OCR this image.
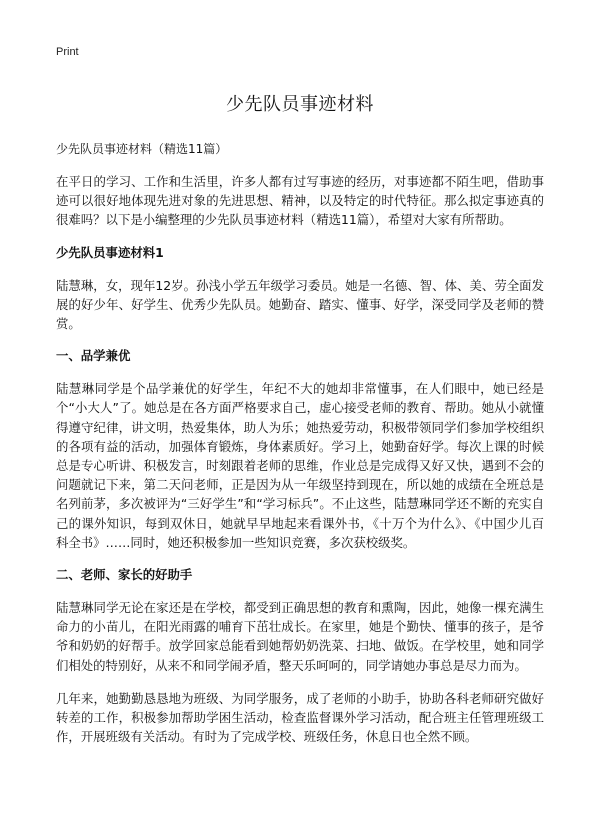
Print
少先队员事迹材料
少先队员事迹材料（精选11篇）

在平日的学习、工作和生活里，许多人都有过写事迹的经历，对事迹都不陌生吧，借助事迹可以很好地体现先进对象的先进思想、精神，以及特定的时代特征。那么拟定事迹真的很难吗？以下是小编整理的少先队员事迹材料（精选11篇），希望对大家有所帮助。

少先队员事迹材料1

陆慧琳，女，现年12岁。孙浅小学五年级学习委员。她是一名德、智、体、美、劳全面发展的好少年、好学生、优秀少先队员。她勤奋、踏实、懂事、好学，深受同学及老师的赞赏。

一、品学兼优

陆慧琳同学是个品学兼优的好学生，年纪不大的她却非常懂事，在人们眼中，她已经是个“小大人”了。她总是在各方面严格要求自己，虚心接受老师的教育、帮助。她从小就懂得遵守纪律，讲文明，热爱集体，助人为乐；她热爱劳动，积极带领同学们参加学校组织的各项有益的活动，加强体育锻炼，身体素质好。学习上，她勤奋好学。每次上课的时候总是专心听讲、积极发言，时刻跟着老师的思维，作业总是完成得又好又快，遇到不会的问题就记下来，第二天问老师，正是因为从一年级坚持到现在，所以她的成绩在全班总是名列前茅，多次被评为“三好学生”和“学习标兵”。不止这些，陆慧琳同学还不断的充实自己的课外知识，每到双休日，她就早早地起来看课外书，《十万个为什么》、《中国少儿百科全书》……同时，她还积极参加一些知识竞赛，多次获校级奖。

二、老师、家长的好助手

陆慧琳同学无论在家还是在学校，都受到正确思想的教育和熏陶，因此，她像一棵充满生命力的小苗儿，在阳光雨露的哺育下茁壮成长。在家里，她是个勤快、懂事的孩子，是爷爷和奶奶的好帮手。放学回家总能看到她帮奶奶洗菜、扫地、做饭。在学校里，她和同学们相处的特别好，从来不和同学闹矛盾，整天乐呵呵的，同学请她办事总是尽力而为。

几年来，她勤勤恳恳地为班级、为同学服务，成了老师的小助手，协助各科老师研究做好转差的工作，积极参加帮助学困生活动，检查监督课外学习活动，配合班主任管理班级工作，开展班级有关活动。有时为了完成学校、班级任务，休息日也全然不顾。
